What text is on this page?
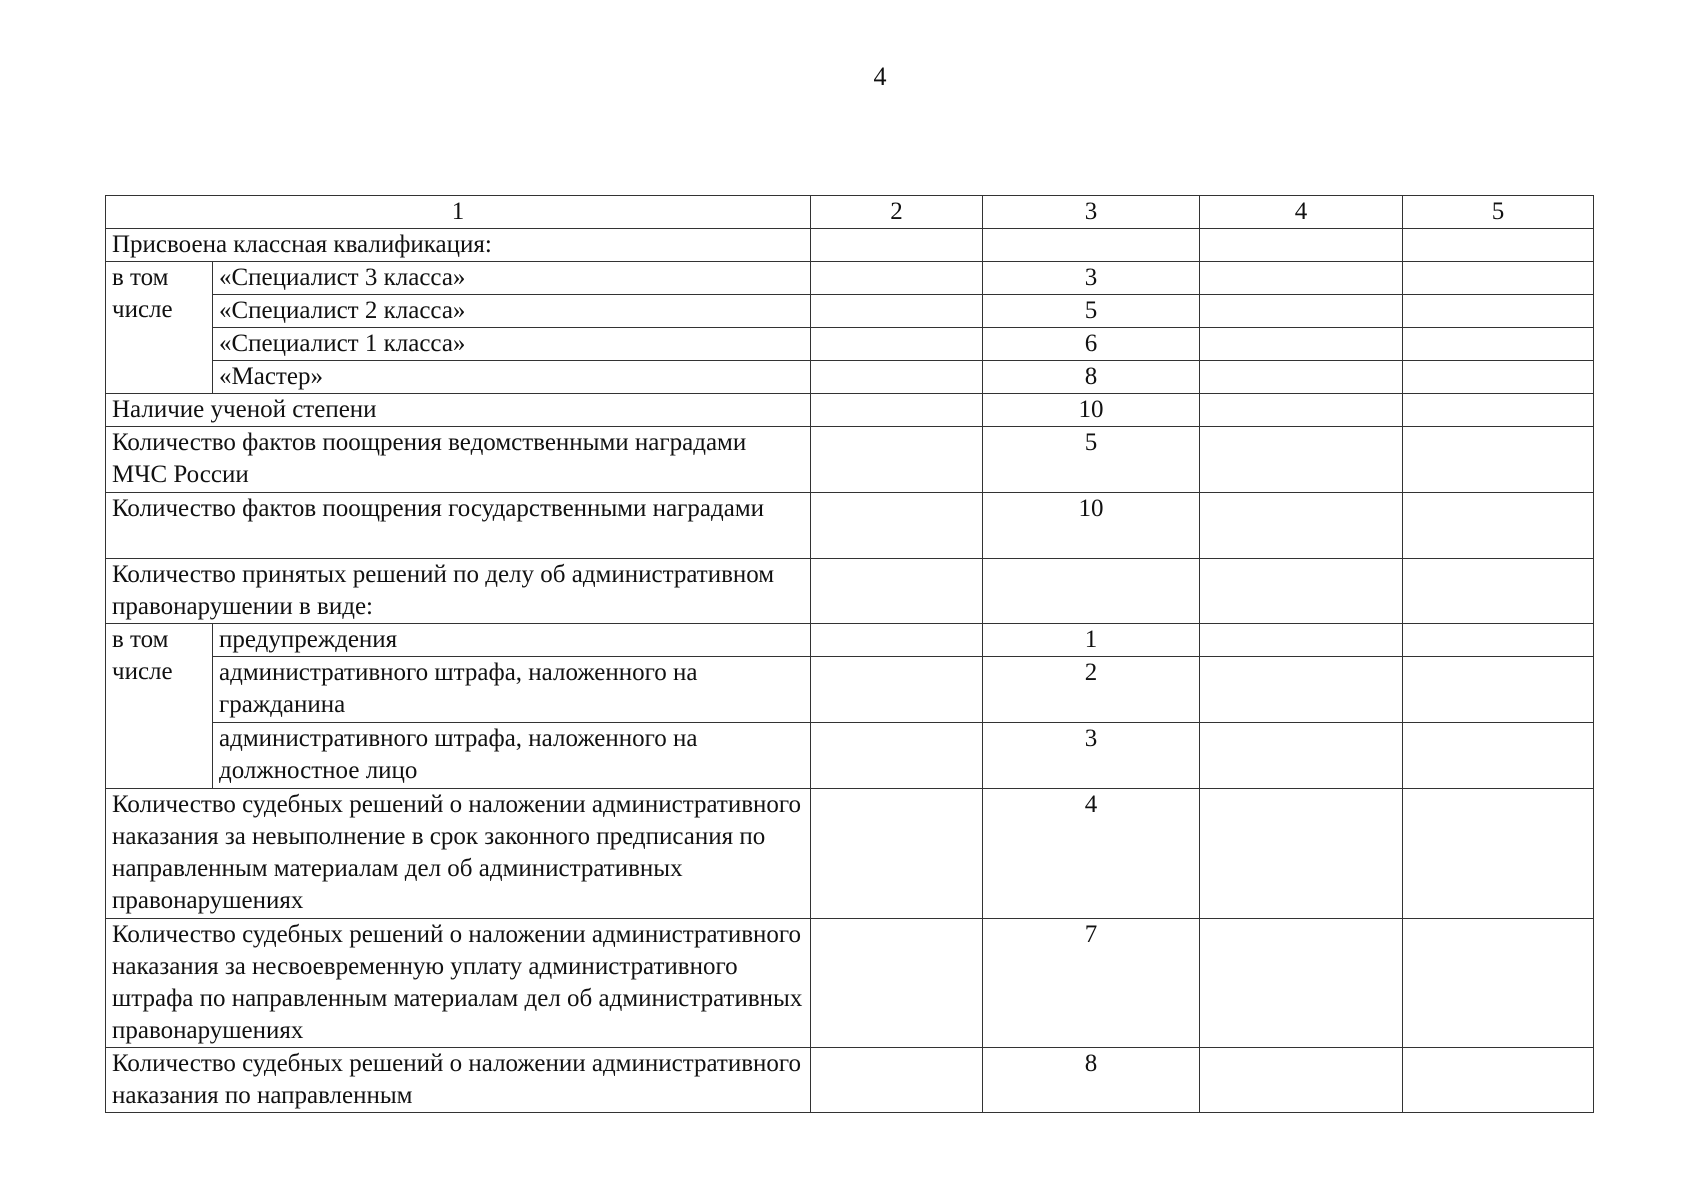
4
1		2	3	4	5
Присвоена классная квалификация:					
в том числе	«Специалист 3 класса»		3		
	«Специалист 2 класса»		5		
	«Специалист 1 класса»		6		
	«Мастер»		8		
Наличие ученой степени			10		
Количество фактов поощрения ведомственными наградами МЧС России			5		
Количество фактов поощрения государственными наградами			10		
Количество принятых решений по делу об административном правонарушении в виде:					
в том числе	предупреждения		1		
	административного штрафа, наложенного на гражданина		2		
	административного штрафа, наложенного на должностное лицо		3		
Количество судебных решений о наложении административного наказания за невыполнение в срок законного предписания по направленным материалам дел об административных правонарушениях			4		
Количество судебных решений о наложении административного наказания за несвоевременную уплату административного штрафа по направленным материалам дел об административных правонарушениях			7		
Количество судебных решений о наложении административного наказания по направленным			8		
